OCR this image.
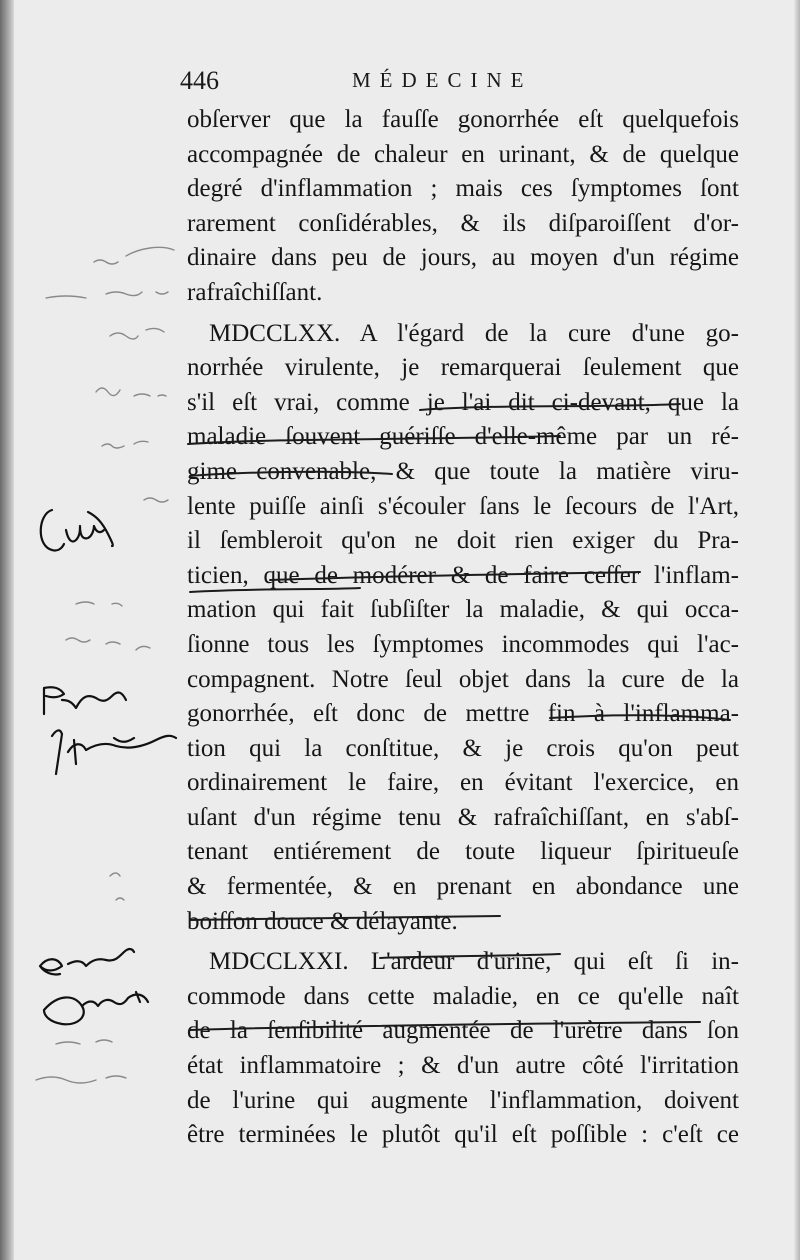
446	MÉDECINE
obſerver que la fauſſe gonorrhée eſt quelquefois
accompagnée de chaleur en urinant, & de quelque
degré d'inflammation ; mais ces ſymptomes ſont
rarement conſidérables, & ils diſparoiſſent d'or-
dinaire dans peu de jours, au moyen d'un régime
rafraîchiſſant.
MDCCLXX. A l'égard de la cure d'une go-
norrhée virulente, je remarquerai ſeulement que
s'il eſt vrai, comme je l'ai dit ci-devant, que la
maladie ſouvent guériſſe d'elle-même par un ré-
gime convenable, & que toute la matière viru-
lente puiſſe ainſi s'écouler ſans le ſecours de l'Art,
il ſembleroit qu'on ne doit rien exiger du Pra-
ticien, que de modérer & de faire ceſſer l'inflam-
mation qui fait ſubſiſter la maladie, & qui occa-
ſionne tous les ſymptomes incommodes qui l'ac-
compagnent. Notre ſeul objet dans la cure de la
gonorrhée, eſt donc de mettre fin à l'inflamma-
tion qui la conſtitue, & je crois qu'on peut
ordinairement le faire, en évitant l'exercice, en
uſant d'un régime tenu & rafraîchiſſant, en s'abſ-
tenant entiérement de toute liqueur ſpiritueuſe
& fermentée, & en prenant en abondance une
boiſſon douce & délayante.
MDCCLXXI. L'ardeur d'urine, qui eſt ſi in-
commode dans cette maladie, en ce qu'elle naît
de la ſenſibilité augmentée de l'urètre dans ſon
état inflammatoire ; & d'un autre côté l'irritation
de l'urine qui augmente l'inflammation, doivent
être terminées le plutôt qu'il eſt poſſible : c'eſt ce
